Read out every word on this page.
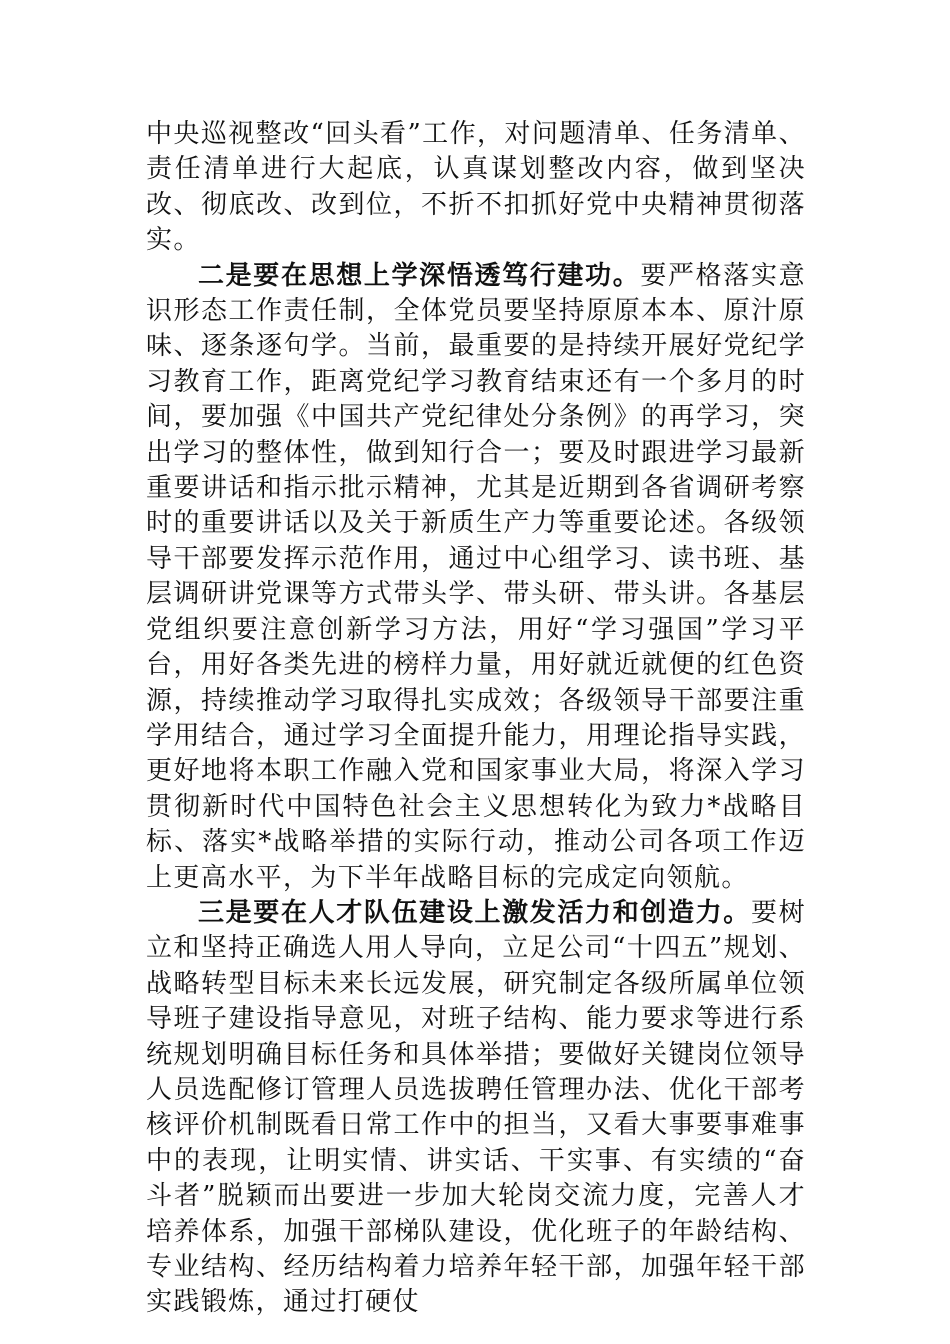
中央巡视整改“回头看”工作，对问题清单、任务清单、责任清单进行大起底，认真谋划整改内容，做到坚决改、彻底改、改到位，不折不扣抓好党中央精神贯彻落实。

二是要在思想上学深悟透笃行建功。要严格落实意识形态工作责任制，全体党员要坚持原原本本、原汁原味、逐条逐句学。当前，最重要的是持续开展好党纪学习教育工作，距离党纪学习教育结束还有一个多月的时间，要加强《中国共产党纪律处分条例》的再学习，突出学习的整体性，做到知行合一；要及时跟进学习最新重要讲话和指示批示精神，尤其是近期到各省调研考察时的重要讲话以及关于新质生产力等重要论述。各级领导干部要发挥示范作用，通过中心组学习、读书班、基层调研讲党课等方式带头学、带头研、带头讲。各基层党组织要注意创新学习方法，用好“学习强国”学习平台，用好各类先进的榜样力量，用好就近就便的红色资源，持续推动学习取得扎实成效；各级领导干部要注重学用结合，通过学习全面提升能力，用理论指导实践，更好地将本职工作融入党和国家事业大局，将深入学习贯彻新时代中国特色社会主义思想转化为致力*战略目标、落实*战略举措的实际行动，推动公司各项工作迈上更高水平，为下半年战略目标的完成定向领航。

三是要在人才队伍建设上激发活力和创造力。要树立和坚持正确选人用人导向，立足公司“十四五”规划、战略转型目标未来长远发展，研究制定各级所属单位领导班子建设指导意见，对班子结构、能力要求等进行系统规划明确目标任务和具体举措；要做好关键岗位领导人员选配修订管理人员选拔聘任管理办法、优化干部考核评价机制既看日常工作中的担当，又看大事要事难事中的表现，让明实情、讲实话、干实事、有实绩的“奋斗者”脱颖而出要进一步加大轮岗交流力度，完善人才培养体系，加强干部梯队建设，优化班子的年龄结构、专业结构、经历结构着力培养年轻干部，加强年轻干部实践锻炼，通过打硬仗
